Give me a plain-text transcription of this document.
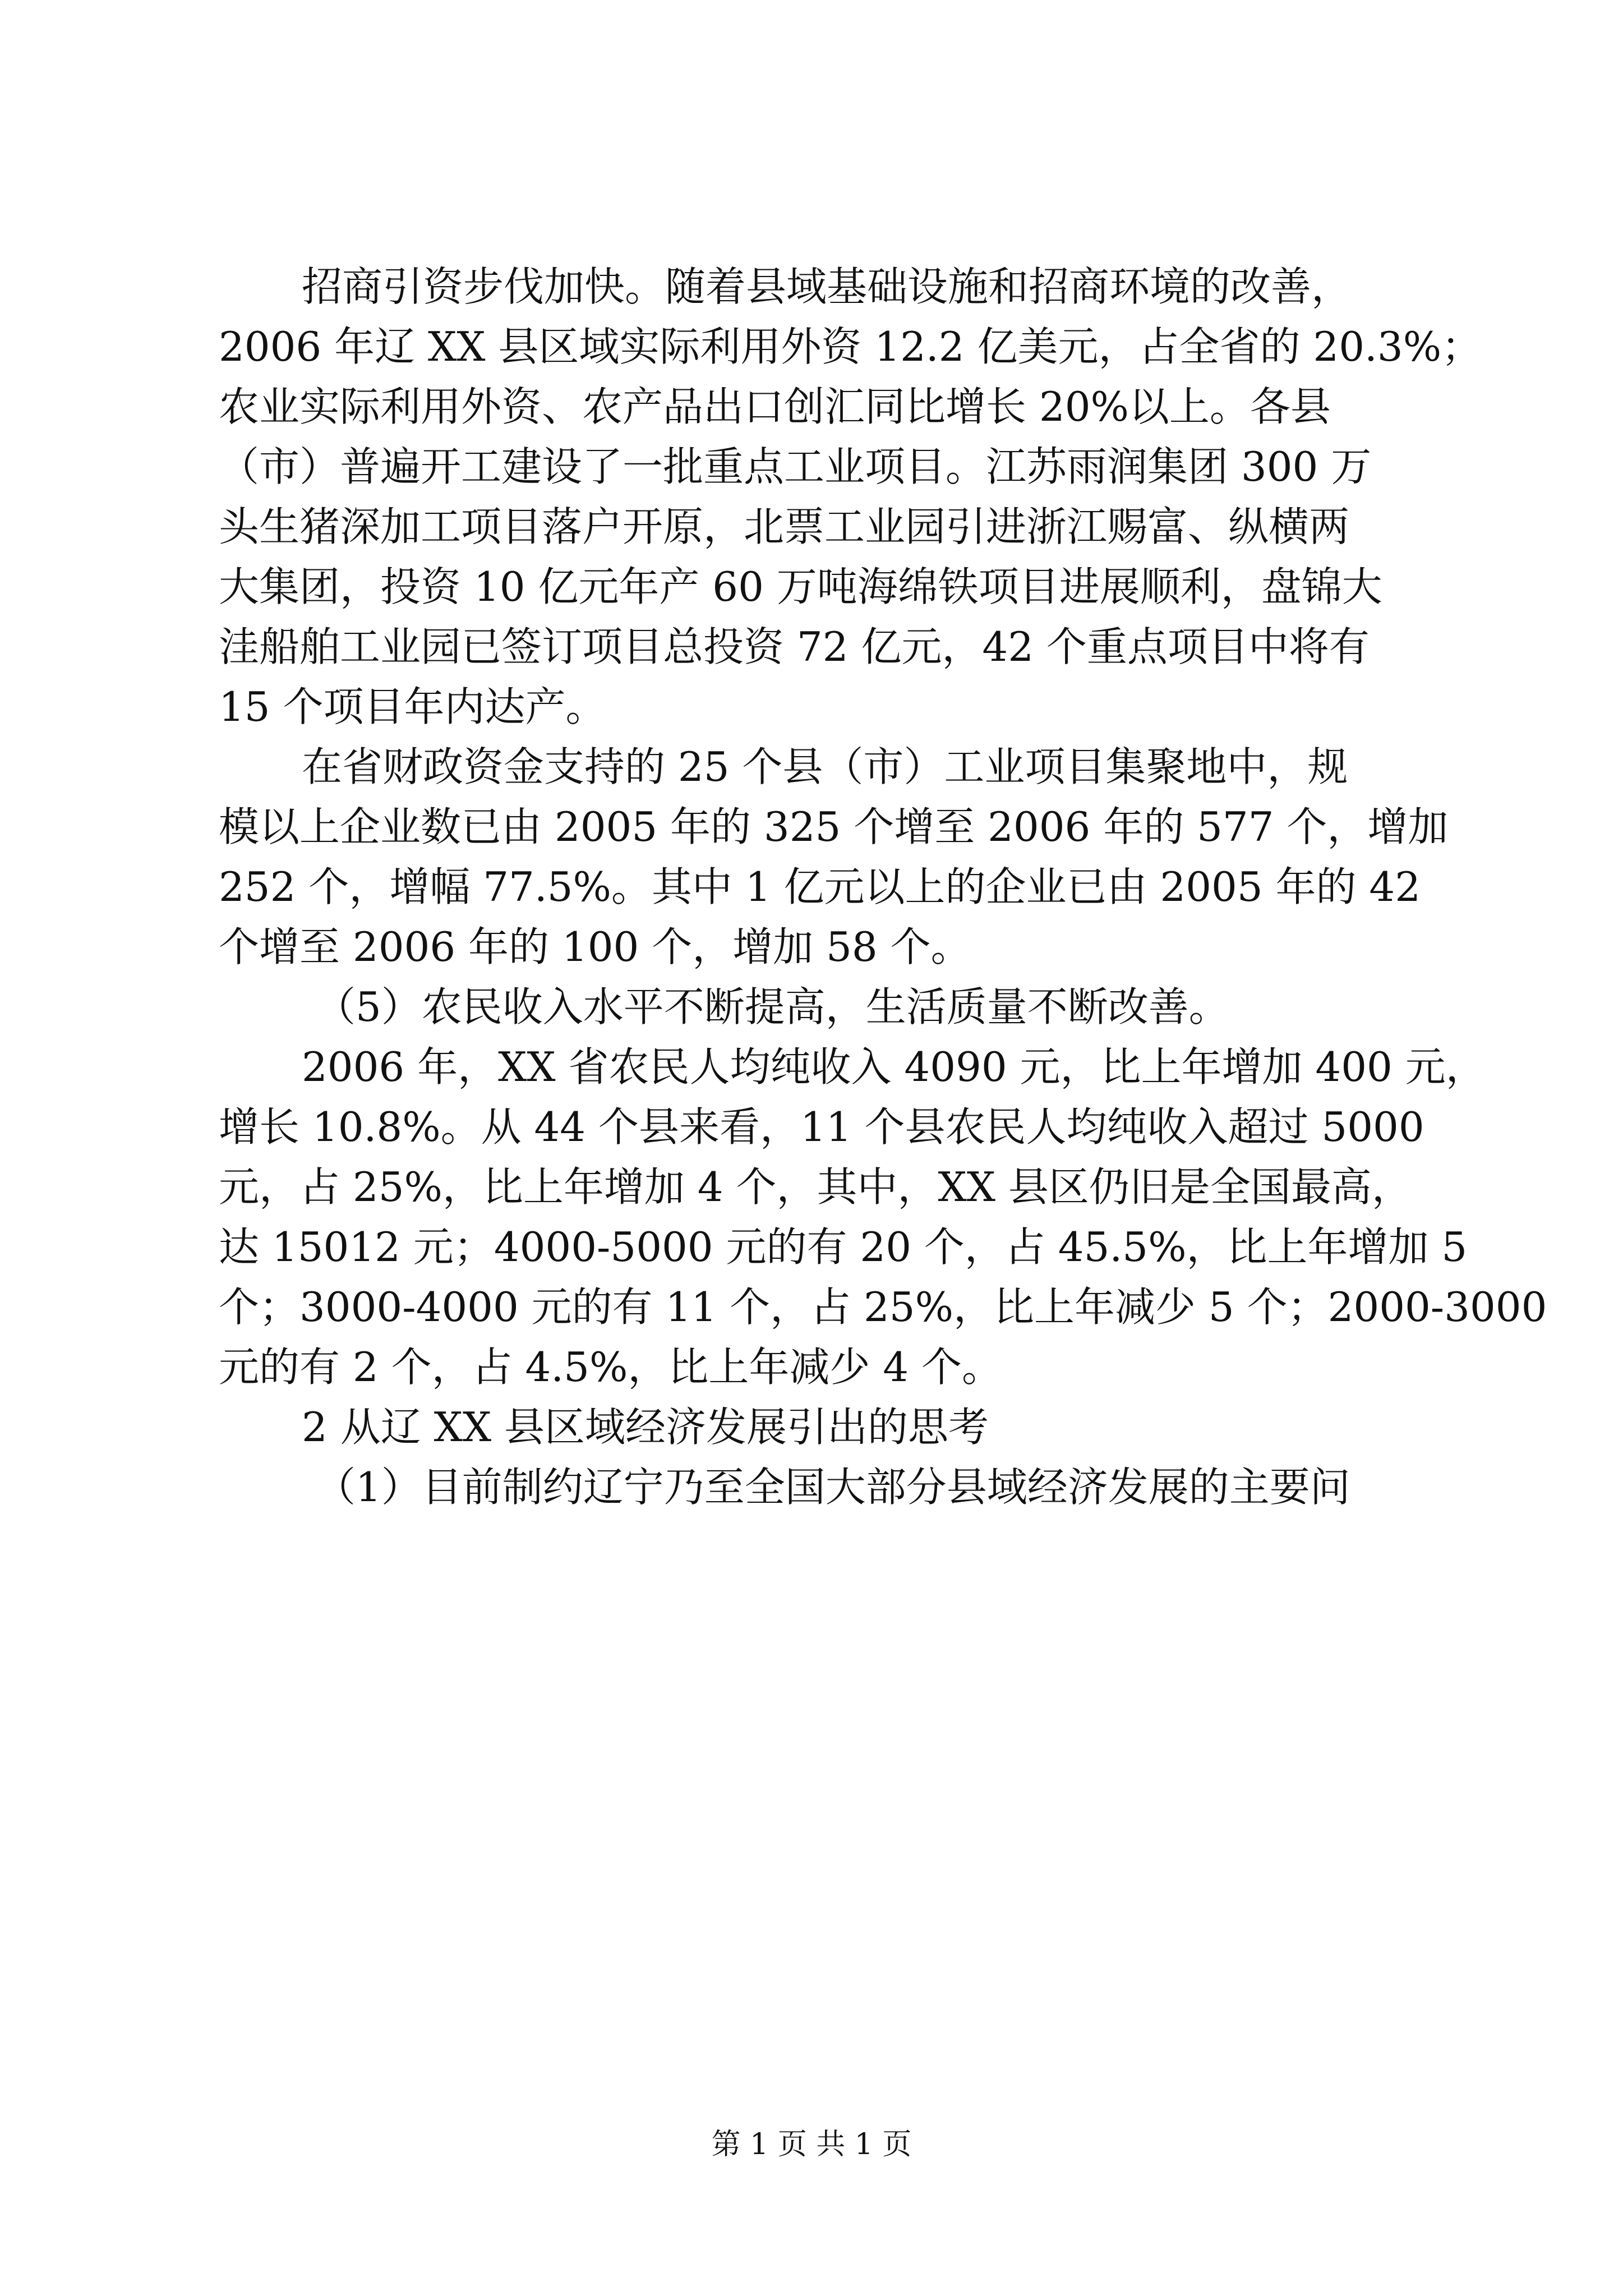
招商引资步伐加快。随着县域基础设施和招商环境的改善，
2006 年辽 XX 县区域实际利用外资 12.2 亿美元，占全省的 20.3%；
农业实际利用外资、农产品出口创汇同比增长 20%以上。各县
（市）普遍开工建设了一批重点工业项目。江苏雨润集团 300 万
头生猪深加工项目落户开原，北票工业园引进浙江赐富、纵横两
大集团，投资 10 亿元年产 60 万吨海绵铁项目进展顺利，盘锦大
洼船舶工业园已签订项目总投资 72 亿元，42 个重点项目中将有
15 个项目年内达产。
在省财政资金支持的 25 个县（市）工业项目集聚地中，规
模以上企业数已由 2005 年的 325 个增至 2006 年的 577 个，增加
252 个，增幅 77.5%。其中 1 亿元以上的企业已由 2005 年的 42
个增至 2006 年的 100 个，增加 58 个。
（5）农民收入水平不断提高，生活质量不断改善。
2006 年，XX 省农民人均纯收入 4090 元，比上年增加 400 元，
增长 10.8%。从 44 个县来看，11 个县农民人均纯收入超过 5000
元，占 25%，比上年增加 4 个，其中，XX 县区仍旧是全国最高，
达 15012 元；4000-5000 元的有 20 个，占 45.5%，比上年增加 5
个；3000-4000 元的有 11 个，占 25%，比上年减少 5 个；2000-3000
元的有 2 个，占 4.5%，比上年减少 4 个。
2 从辽 XX 县区域经济发展引出的思考
（1）目前制约辽宁乃至全国大部分县域经济发展的主要问
第 1 页 共 1 页
